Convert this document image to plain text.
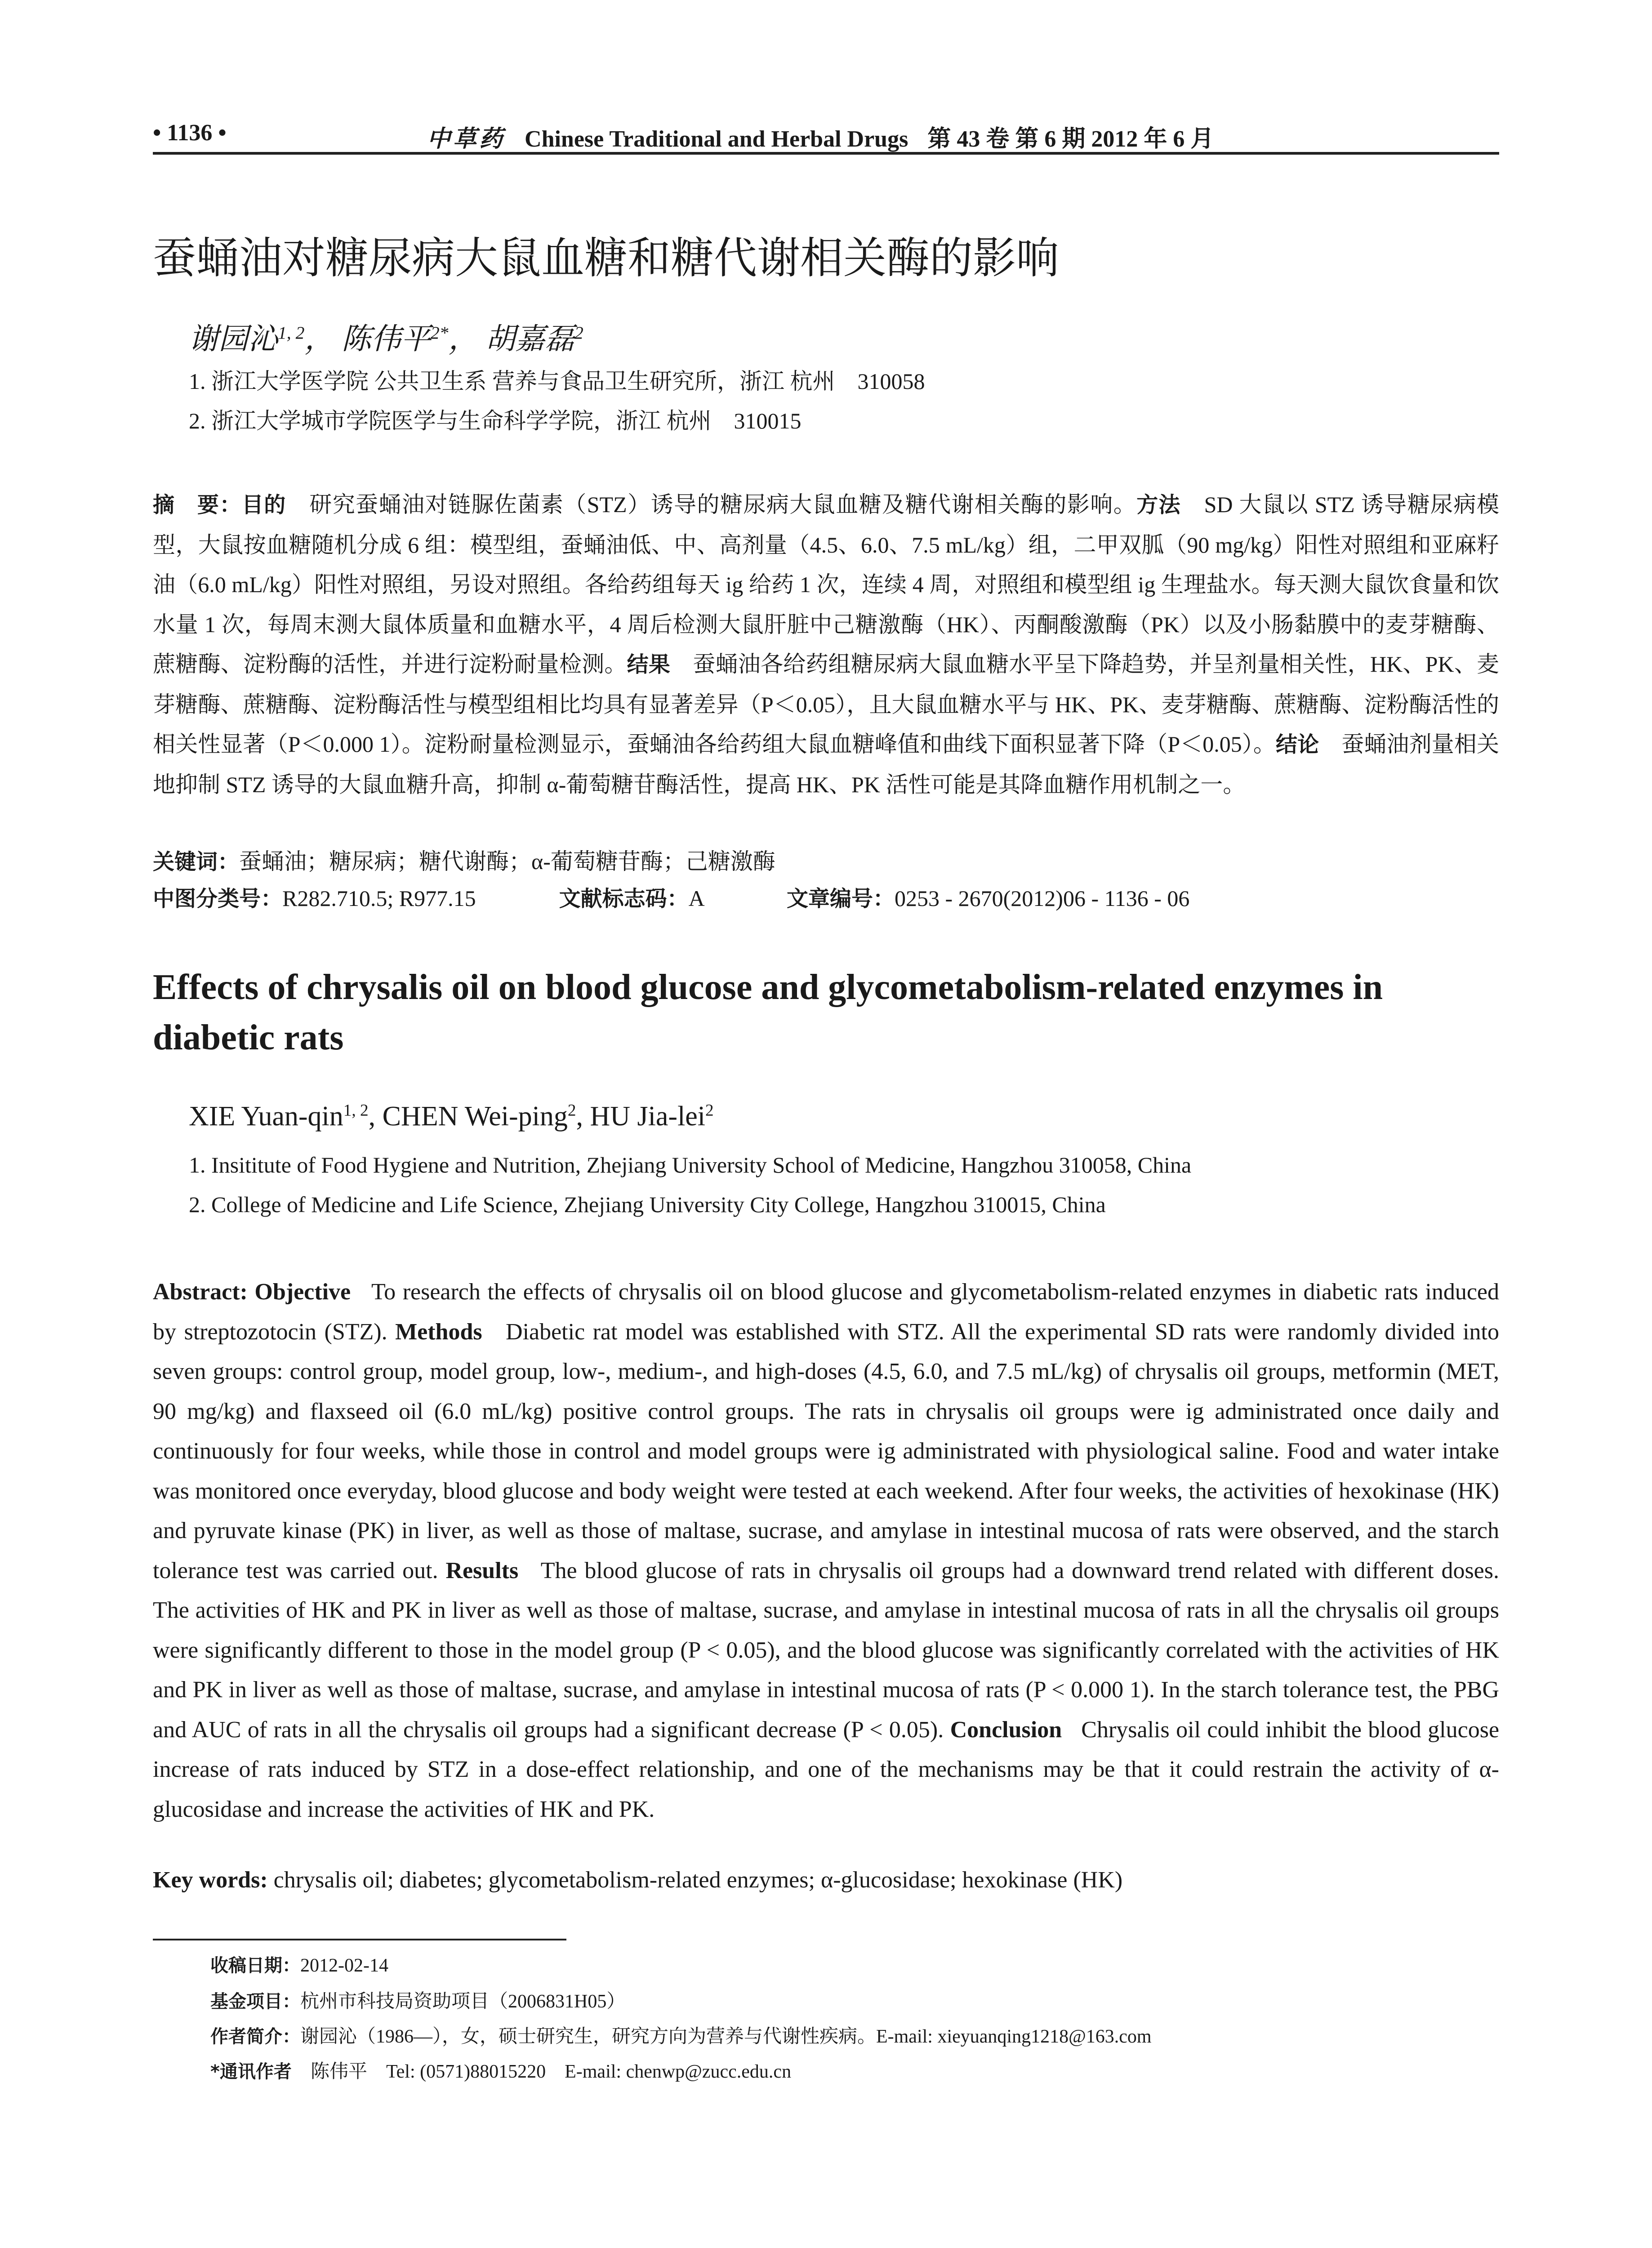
• 1136 •	中草药 Chinese Traditional and Herbal Drugs 第 43 卷 第 6 期 2012 年 6 月
蚕蛹油对糖尿病大鼠血糖和糖代谢相关酶的影响
谢园沁$^{1, 2}$， 陈伟平$^{2*}$， 胡嘉磊$^2$
1. 浙江大学医学院 公共卫生系 营养与食品卫生研究所，浙江 杭州　310058
2. 浙江大学城市学院医学与生命科学学院，浙江 杭州　310015
摘　要：目的　 研究蚕蛹油对链脲佐菌素（STZ）诱导的糖尿病大鼠血糖及糖代谢相关酶的影响。方法　 SD 大鼠以 STZ 诱导糖尿病模型，大鼠按血糖随机分成 6 组：模型组，蚕蛹油低、中、高剂量（4.5、6.0、7.5 mL/kg）组，二甲双胍（90 mg/kg）阳性对照组和亚麻籽油（6.0 mL/kg）阳性对照组，另设对照组。各给药组每天 ig 给药 1 次，连续 4 周，对照组和模型组 ig 生理盐水。每天测大鼠饮食量和饮水量 1 次，每周末测大鼠体质量和血糖水平，4 周后检测大鼠肝脏中己糖激酶（HK）、丙酮酸激酶（PK）以及小肠黏膜中的麦芽糖酶、蔗糖酶、淀粉酶的活性，并进行淀粉耐量检测。结果　 蚕蛹油各给药组糖尿病大鼠血糖水平呈下降趋势，并呈剂量相关性，HK、PK、麦芽糖酶、蔗糖酶、淀粉酶活性与模型组相比均具有显著差异（P＜0.05），且大鼠血糖水平与 HK、PK、麦芽糖酶、蔗糖酶、淀粉酶活性的相关性显著（P＜0.000 1）。淀粉耐量检测显示，蚕蛹油各给药组大鼠血糖峰值和曲线下面积显著下降（P＜0.05）。结论　 蚕蛹油剂量相关地抑制 STZ 诱导的大鼠血糖升高，抑制 α-葡萄糖苷酶活性，提高 HK、PK 活性可能是其降血糖作用机制之一。
关键词：蚕蛹油；糖尿病；糖代谢酶；α-葡萄糖苷酶；己糖激酶
中图分类号：R282.710.5; R977.15	文献标志码：A	文章编号：0253 - 2670(2012)06 - 1136 - 06
Effects of chrysalis oil on blood glucose and glycometabolism-related enzymes in diabetic rats
XIE Yuan-qin$^{1, 2}$, CHEN Wei-ping$^2$, HU Jia-lei$^2$
1. Insititute of Food Hygiene and Nutrition, Zhejiang University School of Medicine, Hangzhou 310058, China
2. College of Medicine and Life Science, Zhejiang University City College, Hangzhou 310015, China
Abstract: Objective To research the effects of chrysalis oil on blood glucose and glycometabolism-related enzymes in diabetic rats induced by streptozotocin (STZ). Methods Diabetic rat model was established with STZ. All the experimental SD rats were randomly divided into seven groups: control group, model group, low-, medium-, and high-doses (4.5, 6.0, and 7.5 mL/kg) of chrysalis oil groups, metformin (MET, 90 mg/kg) and flaxseed oil (6.0 mL/kg) positive control groups. The rats in chrysalis oil groups were ig administrated once daily and continuously for four weeks, while those in control and model groups were ig administrated with physiological saline. Food and water intake was monitored once everyday, blood glucose and body weight were tested at each weekend. After four weeks, the activities of hexokinase (HK) and pyruvate kinase (PK) in liver, as well as those of maltase, sucrase, and amylase in intestinal mucosa of rats were observed, and the starch tolerance test was carried out. Results The blood glucose of rats in chrysalis oil groups had a downward trend related with different doses. The activities of HK and PK in liver as well as those of maltase, sucrase, and amylase in intestinal mucosa of rats in all the chrysalis oil groups were significantly different to those in the model group (P < 0.05), and the blood glucose was significantly correlated with the activities of HK and PK in liver as well as those of maltase, sucrase, and amylase in intestinal mucosa of rats (P < 0.000 1). In the starch tolerance test, the PBG and AUC of rats in all the chrysalis oil groups had a significant decrease (P < 0.05). Conclusion Chrysalis oil could inhibit the blood glucose increase of rats induced by STZ in a dose-effect relationship, and one of the mechanisms may be that it could restrain the activity of α-glucosidase and increase the activities of HK and PK.
Key words: chrysalis oil; diabetes; glycometabolism-related enzymes; α-glucosidase; hexokinase (HK)
收稿日期：2012-02-14
基金项目：杭州市科技局资助项目（2006831H05）
作者简介：谢园沁（1986—），女，硕士研究生，研究方向为营养与代谢性疾病。E-mail: xieyuanqing1218@163.com
*通讯作者　 陈伟平　Tel: (0571)88015220　E-mail: chenwp@zucc.edu.cn
